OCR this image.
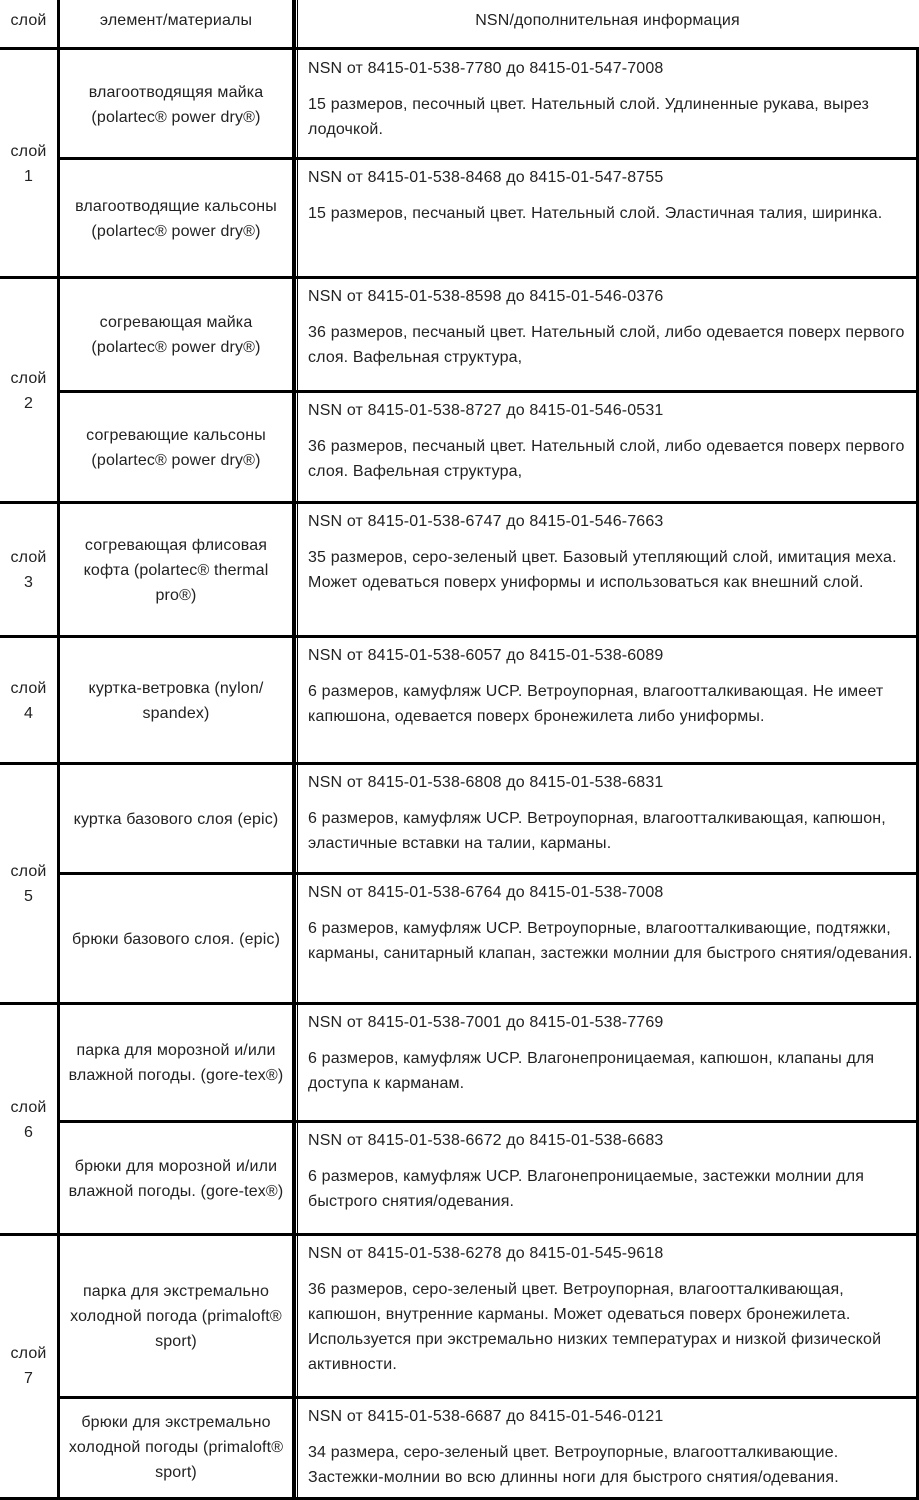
слой	элемент/материалы	NSN/дополнительная информация
слой
1
влагоотводящяя майка (polartec® power dry®)
NSN от 8415-01-538-7780 до 8415-01-547-7008
15 размеров, песочный цвет. Нательный слой. Удлиненные рукава, вырез лодочкой.
влагоотводящие кальсоны (polartec® power dry®)
NSN от 8415-01-538-8468 до 8415-01-547-8755
15 размеров, песчаный цвет. Нательный слой. Эластичная талия, ширинка.
слой
2
согревающая майка (polartec® power dry®)
NSN от 8415-01-538-8598 до 8415-01-546-0376
36 размеров, песчаный цвет. Нательный слой, либо одевается поверх первого слоя. Вафельная структура,
согревающие кальсоны (polartec® power dry®)
NSN от 8415-01-538-8727 до 8415-01-546-0531
36 размеров, песчаный цвет. Нательный слой, либо одевается поверх первого слоя. Вафельная структура,
слой
3
согревающая флисовая кофта (polartec® thermal pro®)
NSN от 8415-01-538-6747 до 8415-01-546-7663
35 размеров, серо-зеленый цвет. Базовый утепляющий слой, имитация меха. Может одеваться поверх униформы и использоваться как внешний слой.
слой
4
куртка-ветровка (nylon/ spandex)
NSN от 8415-01-538-6057 до 8415-01-538-6089
6 размеров, камуфляж UCP. Ветроупорная, влагоотталкивающая. Не имеет капюшона, одевается поверх бронежилета либо униформы.
слой
5
куртка базового слоя (epic)
NSN от 8415-01-538-6808 до 8415-01-538-6831
6 размеров, камуфляж UCP. Ветроупорная, влагоотталкивающая, капюшон, эластичные вставки на талии, карманы.
брюки базового слоя. (epic)
NSN от 8415-01-538-6764 до 8415-01-538-7008
6 размеров, камуфляж UCP. Ветроупорные, влагоотталкивающие, подтяжки, карманы, санитарный клапан, застежки молнии для быстрого снятия/одевания.
слой
6
парка для морозной и/или влажной погоды. (gore-tex®)
NSN от 8415-01-538-7001 до 8415-01-538-7769
6 размеров, камуфляж UCP. Влагонепроницаемая, капюшон, клапаны для доступа к карманам.
брюки для морозной и/или влажной погоды. (gore-tex®)
NSN от 8415-01-538-6672 до 8415-01-538-6683
6 размеров, камуфляж UCP. Влагонепроницаемые, застежки молнии для быстрого снятия/одевания.
слой
7
парка для экстремально холодной погода (primaloft® sport)
NSN от 8415-01-538-6278 до 8415-01-545-9618
36 размеров, серо-зеленый цвет. Ветроупорная, влагоотталкивающая, капюшон, внутренние карманы. Может одеваться поверх бронежилета. Используется при экстремально низких температурах и низкой физической активности.
брюки для экстремально холодной погоды (primaloft® sport)
NSN от 8415-01-538-6687 до 8415-01-546-0121
34 размера, серо-зеленый цвет. Ветроупорные, влагоотталкивающие. Застежки-молнии во всю длинны ноги для быстрого снятия/одевания.
